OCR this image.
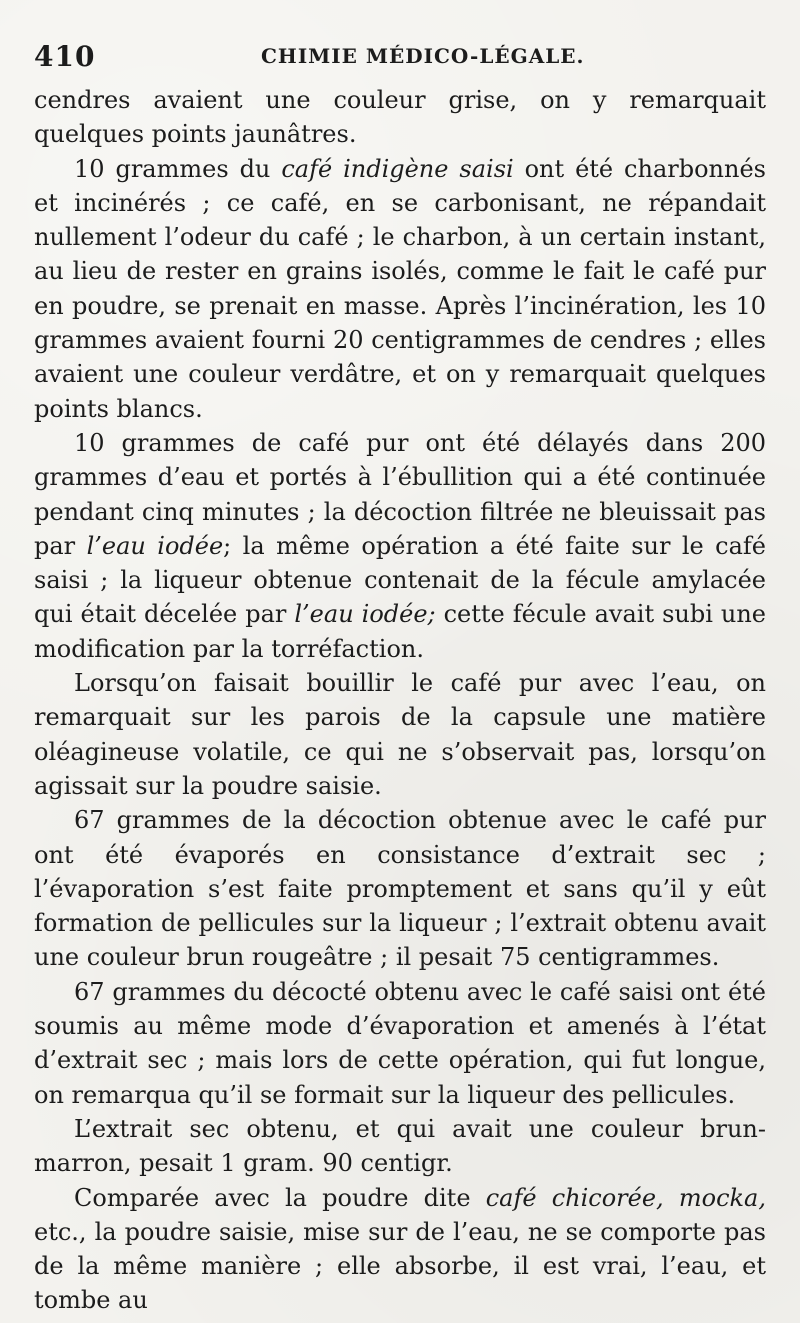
410	CHIMIE MÉDICO-LÉGALE.

cendres avaient une couleur grise, on y remarquait quelques points jaunâtres.

10 grammes du café indigène saisi ont été charbonnés et incinérés ; ce café, en se carbonisant, ne répandait nullement l’odeur du café ; le charbon, à un certain instant, au lieu de rester en grains isolés, comme le fait le café pur en poudre, se prenait en masse. Après l’incinération, les 10 grammes avaient fourni 20 centigrammes de cendres ; elles avaient une couleur verdâtre, et on y remarquait quelques points blancs.

10 grammes de café pur ont été délayés dans 200 grammes d’eau et portés à l’ébullition qui a été continuée pendant cinq minutes ; la décoction filtrée ne bleuissait pas par l’eau iodée; la même opération a été faite sur le café saisi ; la liqueur obtenue contenait de la fécule amylacée qui était décelée par l’eau iodée; cette fécule avait subi une modification par la torréfaction.

Lorsqu’on faisait bouillir le café pur avec l’eau, on remarquait sur les parois de la capsule une matière oléagineuse volatile, ce qui ne s’observait pas, lorsqu’on agissait sur la poudre saisie.

67 grammes de la décoction obtenue avec le café pur ont été évaporés en consistance d’extrait sec ; l’évaporation s’est faite promptement et sans qu’il y eût formation de pellicules sur la liqueur ; l’extrait obtenu avait une couleur brun rougeâtre ; il pesait 75 centigrammes.

67 grammes du décocté obtenu avec le café saisi ont été soumis au même mode d’évaporation et amenés à l’état d’extrait sec ; mais lors de cette opération, qui fut longue, on remarqua qu’il se formait sur la liqueur des pellicules.

L’extrait sec obtenu, et qui avait une couleur brun-marron, pesait 1 gram. 90 centigr.

Comparée avec la poudre dite café chicorée, mocka, etc., la poudre saisie, mise sur de l’eau, ne se comporte pas de la même manière ; elle absorbe, il est vrai, l’eau, et tombe au
